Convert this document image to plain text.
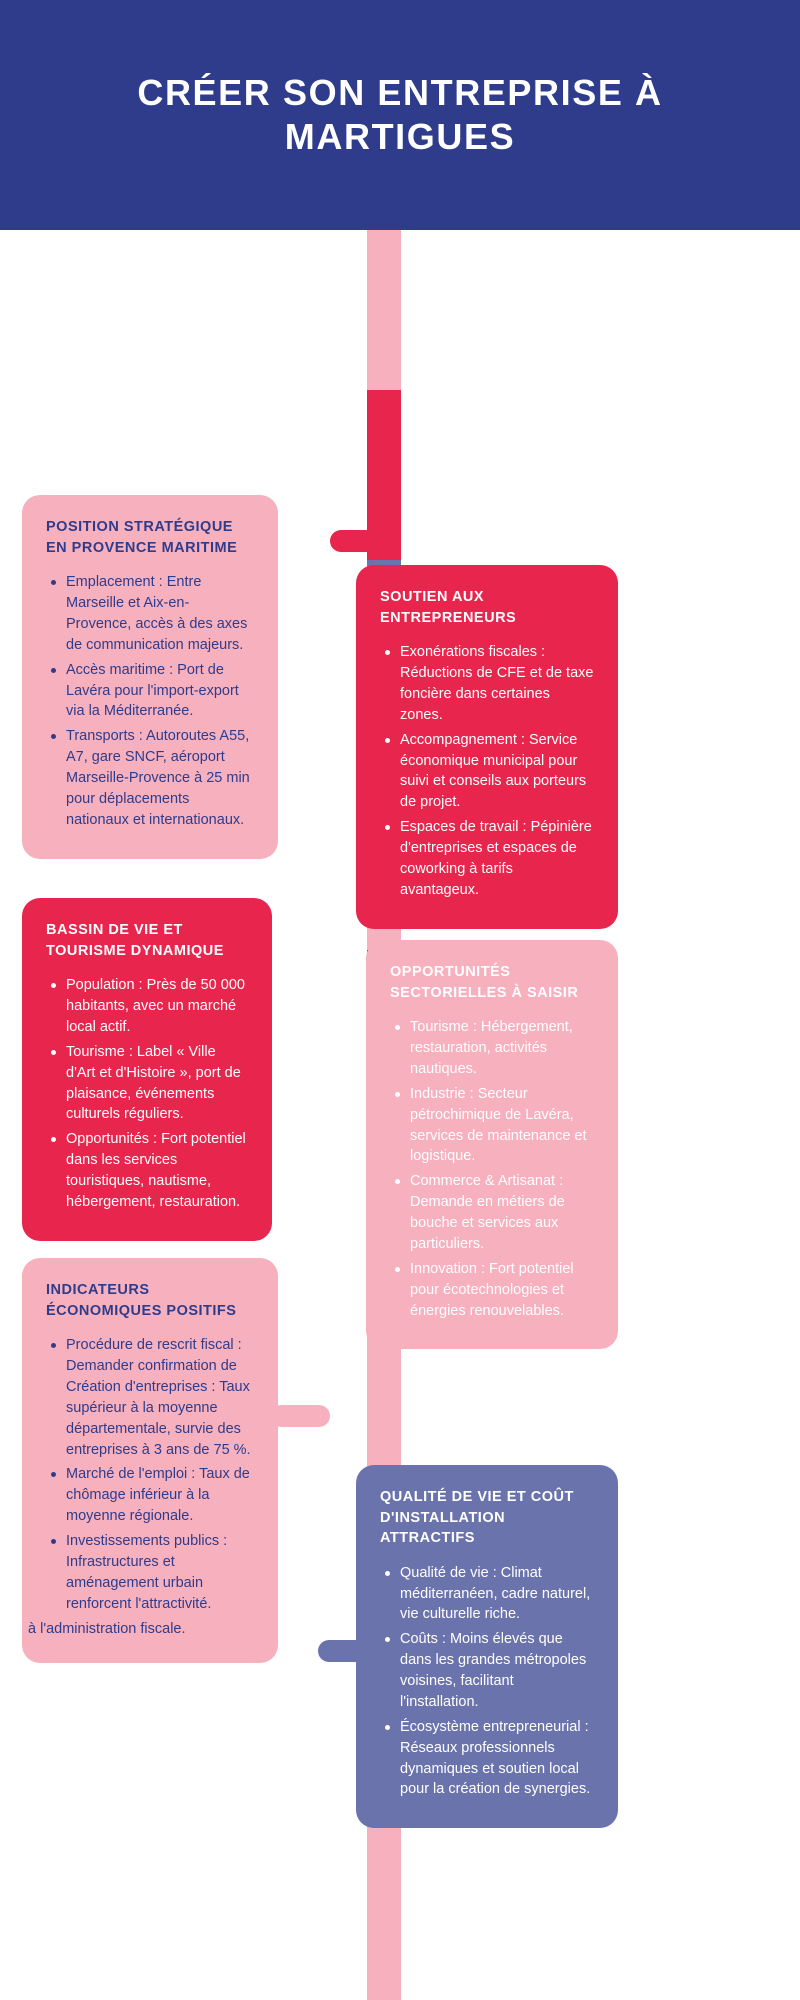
CRÉER SON ENTREPRISE À MARTIGUES
POSITION STRATÉGIQUE EN PROVENCE MARITIME
Emplacement : Entre Marseille et Aix-en-Provence, accès à des axes de communication majeurs.
Accès maritime : Port de Lavéra pour l'import-export via la Méditerranée.
Transports : Autoroutes A55, A7, gare SNCF, aéroport Marseille-Provence à 25 min pour déplacements nationaux et internationaux.
SOUTIEN AUX ENTREPRENEURS
Exonérations fiscales : Réductions de CFE et de taxe foncière dans certaines zones.
Accompagnement : Service économique municipal pour suivi et conseils aux porteurs de projet.
Espaces de travail : Pépinière d'entreprises et espaces de coworking à tarifs avantageux.
BASSIN DE VIE ET TOURISME DYNAMIQUE
Population : Près de 50 000 habitants, avec un marché local actif.
Tourisme : Label « Ville d'Art et d'Histoire », port de plaisance, événements culturels réguliers.
Opportunités : Fort potentiel dans les services touristiques, nautisme, hébergement, restauration.
OPPORTUNITÉS SECTORIELLES À SAISIR
Tourisme : Hébergement, restauration, activités nautiques.
Industrie : Secteur pétrochimique de Lavéra, services de maintenance et logistique.
Commerce & Artisanat : Demande en métiers de bouche et services aux particuliers.
Innovation : Fort potentiel pour écotechnologies et énergies renouvelables.
INDICATEURS ÉCONOMIQUES POSITIFS
Procédure de rescrit fiscal : Demander confirmation de Création d'entreprises : Taux supérieur à la moyenne départementale, survie des entreprises à 3 ans de 75 %.
Marché de l'emploi : Taux de chômage inférieur à la moyenne régionale.
Investissements publics : Infrastructures et aménagement urbain renforcent l'attractivité.

à l'administration fiscale.

QUALITÉ DE VIE ET COÛT D'INSTALLATION ATTRACTIFS
Qualité de vie : Climat méditerranéen, cadre naturel, vie culturelle riche.
Coûts : Moins élevés que dans les grandes métropoles voisines, facilitant l'installation.
Écosystème entrepreneurial : Réseaux professionnels dynamiques et soutien local pour la création de synergies.
